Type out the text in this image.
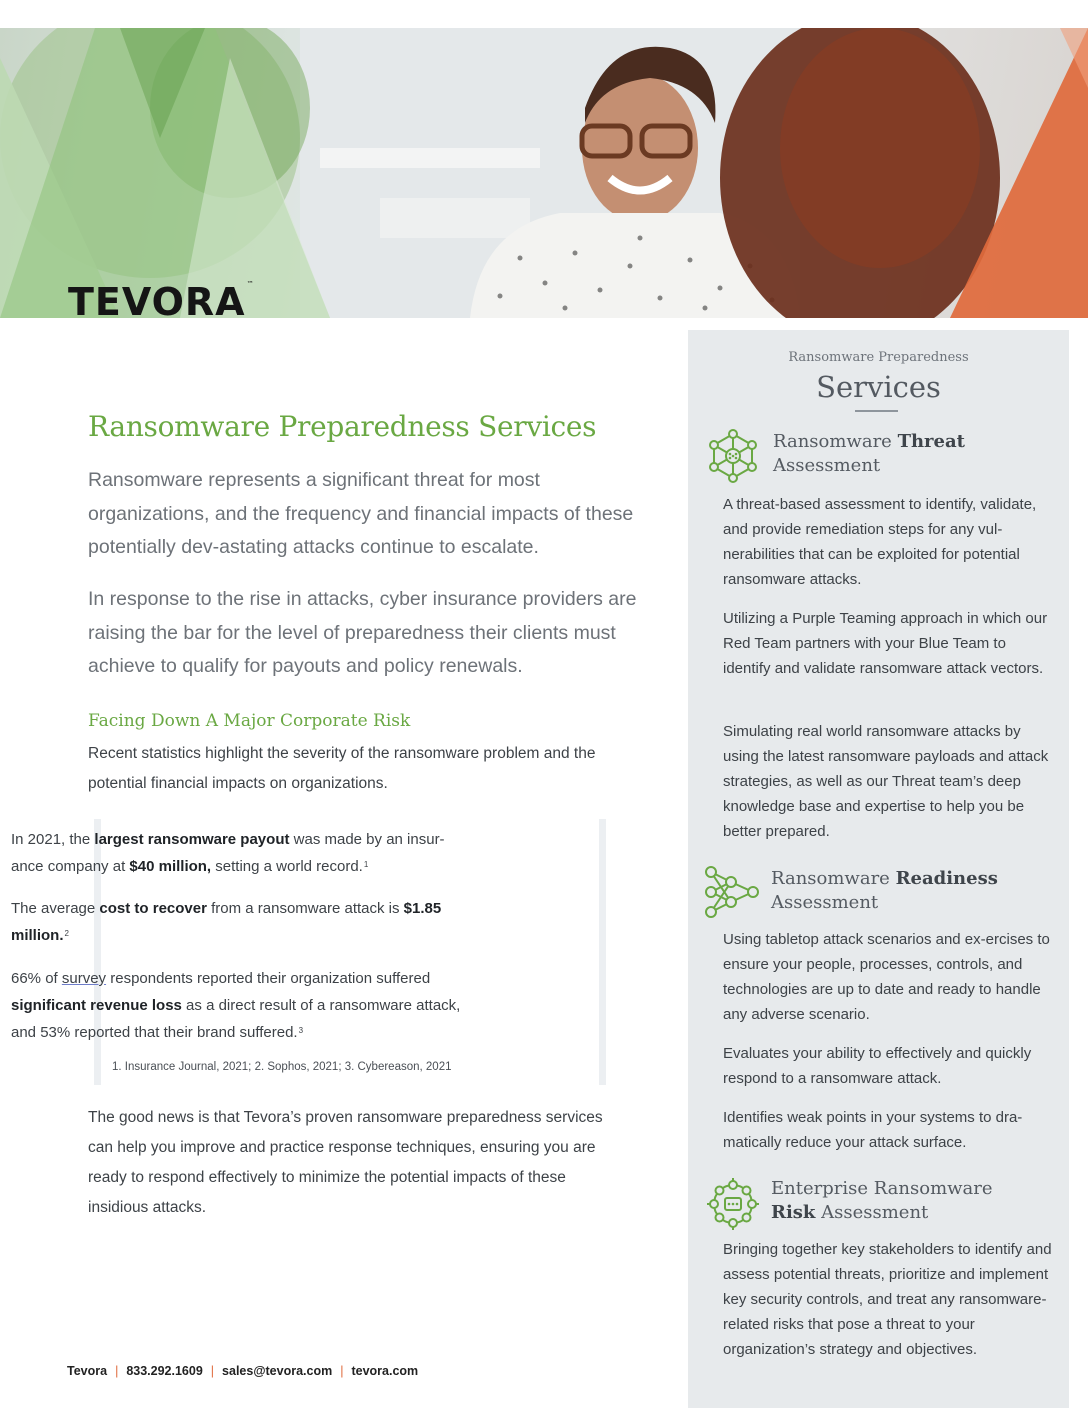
TEVORA™
Ransomware Preparedness Services

Ransomware represents a significant threat for most organizations, and the frequency and financial impacts of these potentially dev-astating attacks continue to escalate.

In response to the rise in attacks, cyber insurance providers are raising the bar for the level of preparedness their clients must achieve to qualify for payouts and policy renewals.

Facing Down A Major Corporate Risk

Recent statistics highlight the severity of the ransomware problem and the potential financial impacts on organizations.

In 2021, the largest ransomware payout was made by an insur-ance company at $40 million, setting a world record.$^1$

The average cost to recover from a ransomware attack is $1.85 million.$^2$

66% of survey respondents reported their organization suffered significant revenue loss as a direct result of a ransomware attack, and 53% reported that their brand suffered.$^3$

1. Insurance Journal, 2021; 2. Sophos, 2021; 3. Cybereason, 2021

The good news is that Tevora’s proven ransomware preparedness services can help you improve and practice response techniques, ensuring you are ready to respond effectively to minimize the potential impacts of these insidious attacks.

Tevora | 833.292.1609 | sales@tevora.com | tevora.com

Ransomware Preparedness

Services
Ransomware Threat
Assessment

A threat-based assessment to identify, validate, and provide remediation steps for any vul-nerabilities that can be exploited for potential ransomware attacks.

Utilizing a Purple Teaming approach in which our Red Team partners with your Blue Team to identify and validate ransomware attack vectors.

Simulating real world ransomware attacks by using the latest ransomware payloads and attack strategies, as well as our Threat team’s deep knowledge base and expertise to help you be better prepared.

Ransomware Readiness
Assessment

Using tabletop attack scenarios and ex-ercises to ensure your people, processes, controls, and technologies are up to date and ready to handle any adverse scenario.

Evaluates your ability to effectively and quickly respond to a ransomware attack.

Identifies weak points in your systems to dra-matically reduce your attack surface.

Enterprise Ransomware
Risk Assessment

Bringing together key stakeholders to identify and assess potential threats, prioritize and implement key security controls, and treat any ransomware-related risks that pose a threat to your organization’s strategy and objectives.
